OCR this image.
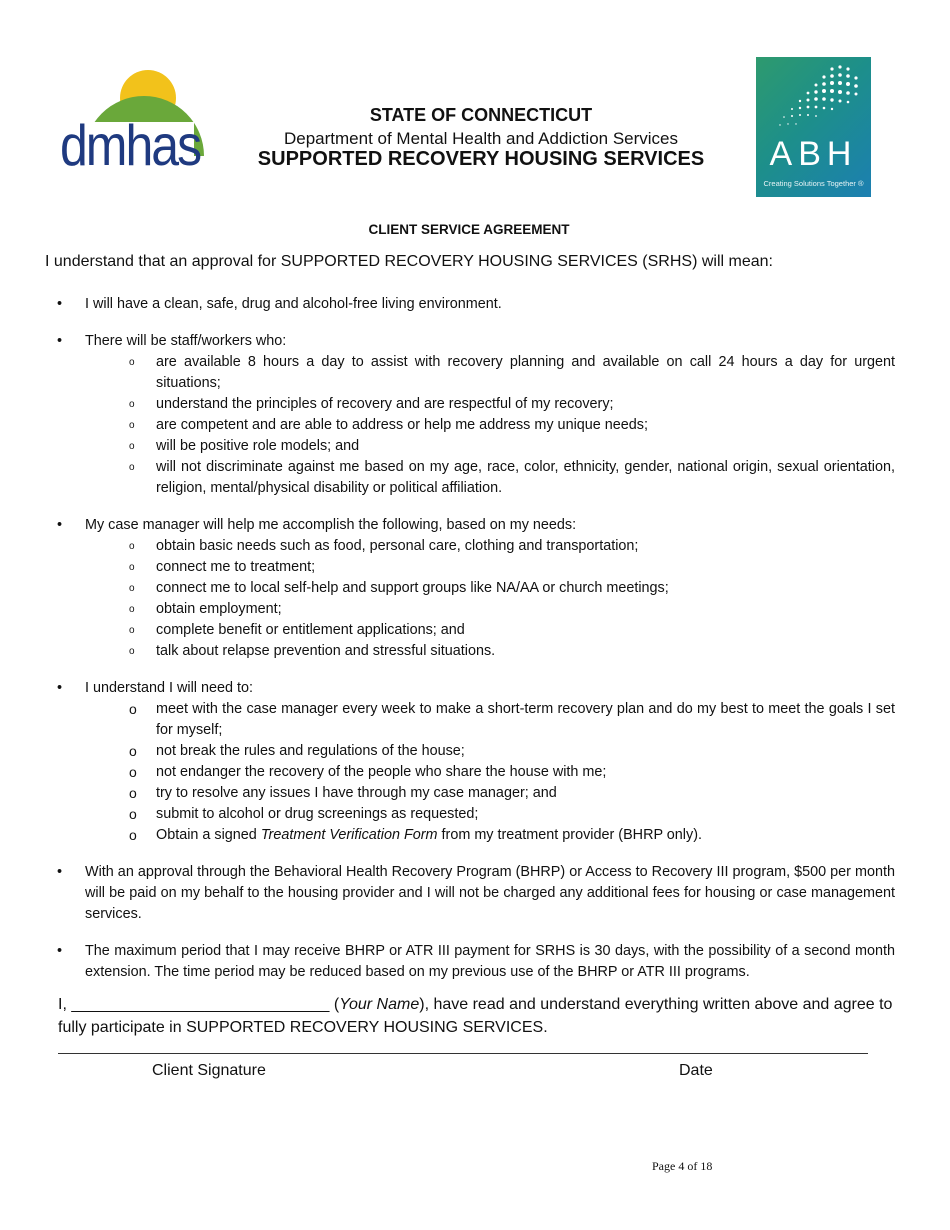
dmhas	STATE OF CONNECTICUT
Department of Mental Health and Addiction Services
SUPPORTED RECOVERY HOUSING SERVICES	ABH
Creating Solutions Together ®
CLIENT SERVICE AGREEMENT
I understand that an approval for SUPPORTED RECOVERY HOUSING SERVICES (SRHS) will mean:
•	I will have a clean, safe, drug and alcohol-free living environment.
•	There will be staff/workers who:
o are available 8 hours a day to assist with recovery planning and available on call 24 hours a day for urgent situations;
o understand the principles of recovery and are respectful of my recovery;
o are competent and are able to address or help me address my unique needs;
o will be positive role models; and
o will not discriminate against me based on my age, race, color, ethnicity, gender, national origin, sexual orientation, religion, mental/physical disability or political affiliation.
•	My case manager will help me accomplish the following, based on my needs:
o obtain basic needs such as food, personal care, clothing and transportation;
o connect me to treatment;
o connect me to local self-help and support groups like NA/AA or church meetings;
o obtain employment;
o complete benefit or entitlement applications; and
o talk about relapse prevention and stressful situations.
•	I understand I will need to:
o meet with the case manager every week to make a short-term recovery plan and do my best to meet the goals I set for myself;
o not break the rules and regulations of the house;
o not endanger the recovery of the people who share the house with me;
o try to resolve any issues I have through my case manager; and
o submit to alcohol or drug screenings as requested;
o Obtain a signed Treatment Verification Form from my treatment provider (BHRP only).
•	With an approval through the Behavioral Health Recovery Program (BHRP) or Access to Recovery III program, $500 per month will be paid on my behalf to the housing provider and I will not be charged any additional fees for housing or case management services.
•	The maximum period that I may receive BHRP or ATR III payment for SRHS is 30 days, with the possibility of a second month extension. The time period may be reduced based on my previous use of the BHRP or ATR III programs.
I, _____________________________ (Your Name), have read and understand everything written above and agree to fully participate in SUPPORTED RECOVERY HOUSING SERVICES.
Client Signature	Date
Page 4 of 18
